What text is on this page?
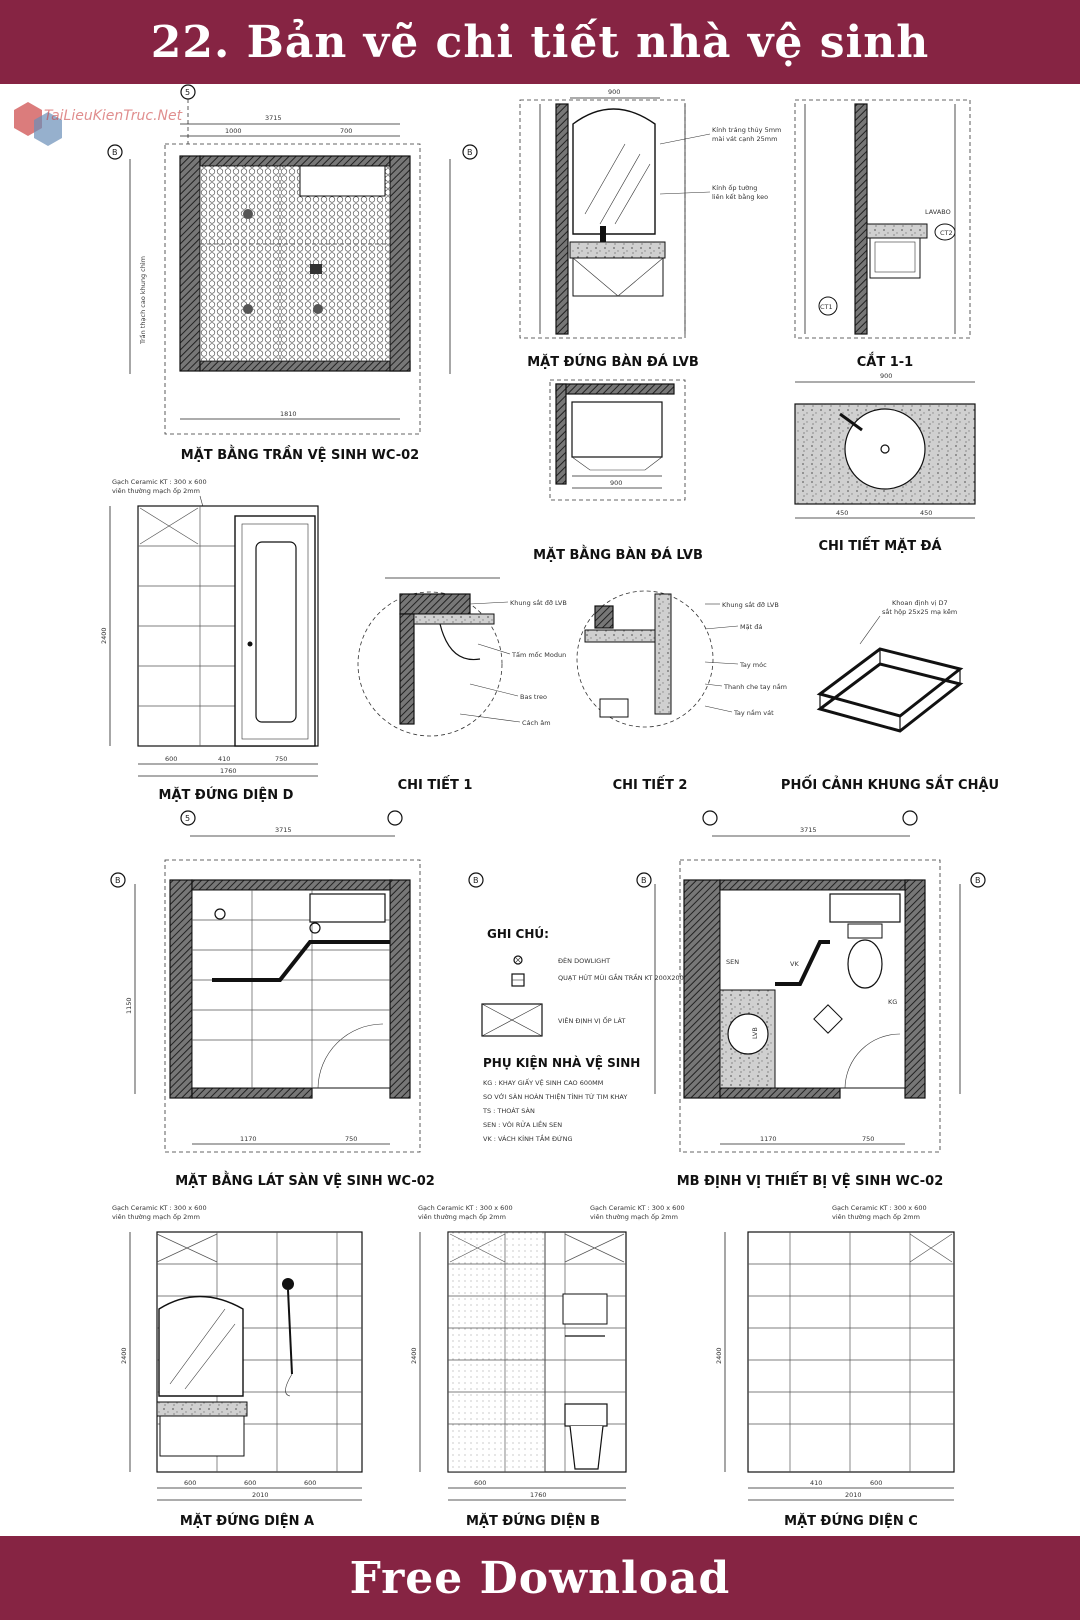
22. Bản vẽ chi tiết nhà vệ sinh
TaiLieuKienTruc.Net
5
3715
1000	700
B	B
Trần thạch cao khung chìm
1810
MẶT BẰNG TRẦN VỆ SINH WC-02
900
Kính tráng thủy 5mm
mài vát cạnh 25mm
Kính ốp tường
liên kết bằng keo
MẶT ĐỨNG BÀN ĐÁ LVB
CT2
CT1
LAVABO
CẮT 1-1
900
MẶT BẰNG BÀN ĐÁ LVB
900
450	450
CHI TIẾT MẶT ĐÁ
Gạch Ceramic KT : 300 x 600
viên thường mạch ốp 2mm
2400
600	410	750
1760
MẶT ĐỨNG DIỆN D
Khung sắt đỡ LVB
Tấm mốc Modun
Bas treo
Cách âm
CHI TIẾT 1
Khung sắt đỡ LVB
Mặt đá
Tay móc
Thanh che tay nắm
Tay nắm vát
CHI TIẾT 2
Khoan định vị D7
sắt hộp 25x25 mạ kẽm
PHỐI CẢNH KHUNG SẮT CHẬU
5
3715
B	B
1150
1170	750
MẶT BẰNG LÁT SÀN VỆ SINH WC-02
GHI CHÚ:
ĐÈN DOWLIGHT
QUẠT HÚT MÙI GẮN TRẦN KT 200X200
VIÊN ĐỊNH VỊ ỐP LÁT
PHỤ KIỆN NHÀ VỆ SINH
KG : KHAY GIẤY VỆ SINH CAO 600MM
SO VỚI SÀN HOÀN THIỆN TÍNH TỪ TIM KHAY
TS : THOÁT SÀN
SEN : VÒI RỬA LIỀN SEN
VK : VÁCH KÍNH TẮM ĐỨNG
3715
B	B
VK
SEN
KG
LVB
1170	750
MB ĐỊNH VỊ THIẾT BỊ VỆ SINH WC-02
Gạch Ceramic KT : 300 x 600
viên thường mạch ốp 2mm
2400
600	600	600
2010
MẶT ĐỨNG DIỆN A
Gạch Ceramic KT : 300 x 600
viên thường mạch ốp 2mm
Gạch Ceramic KT : 300 x 600
viên thường mạch ốp 2mm
2400
600
1760
MẶT ĐỨNG DIỆN B
Gạch Ceramic KT : 300 x 600
viên thường mạch ốp 2mm
2400
410	600
2010
MẶT ĐỨNG DIỆN C
Free Download
